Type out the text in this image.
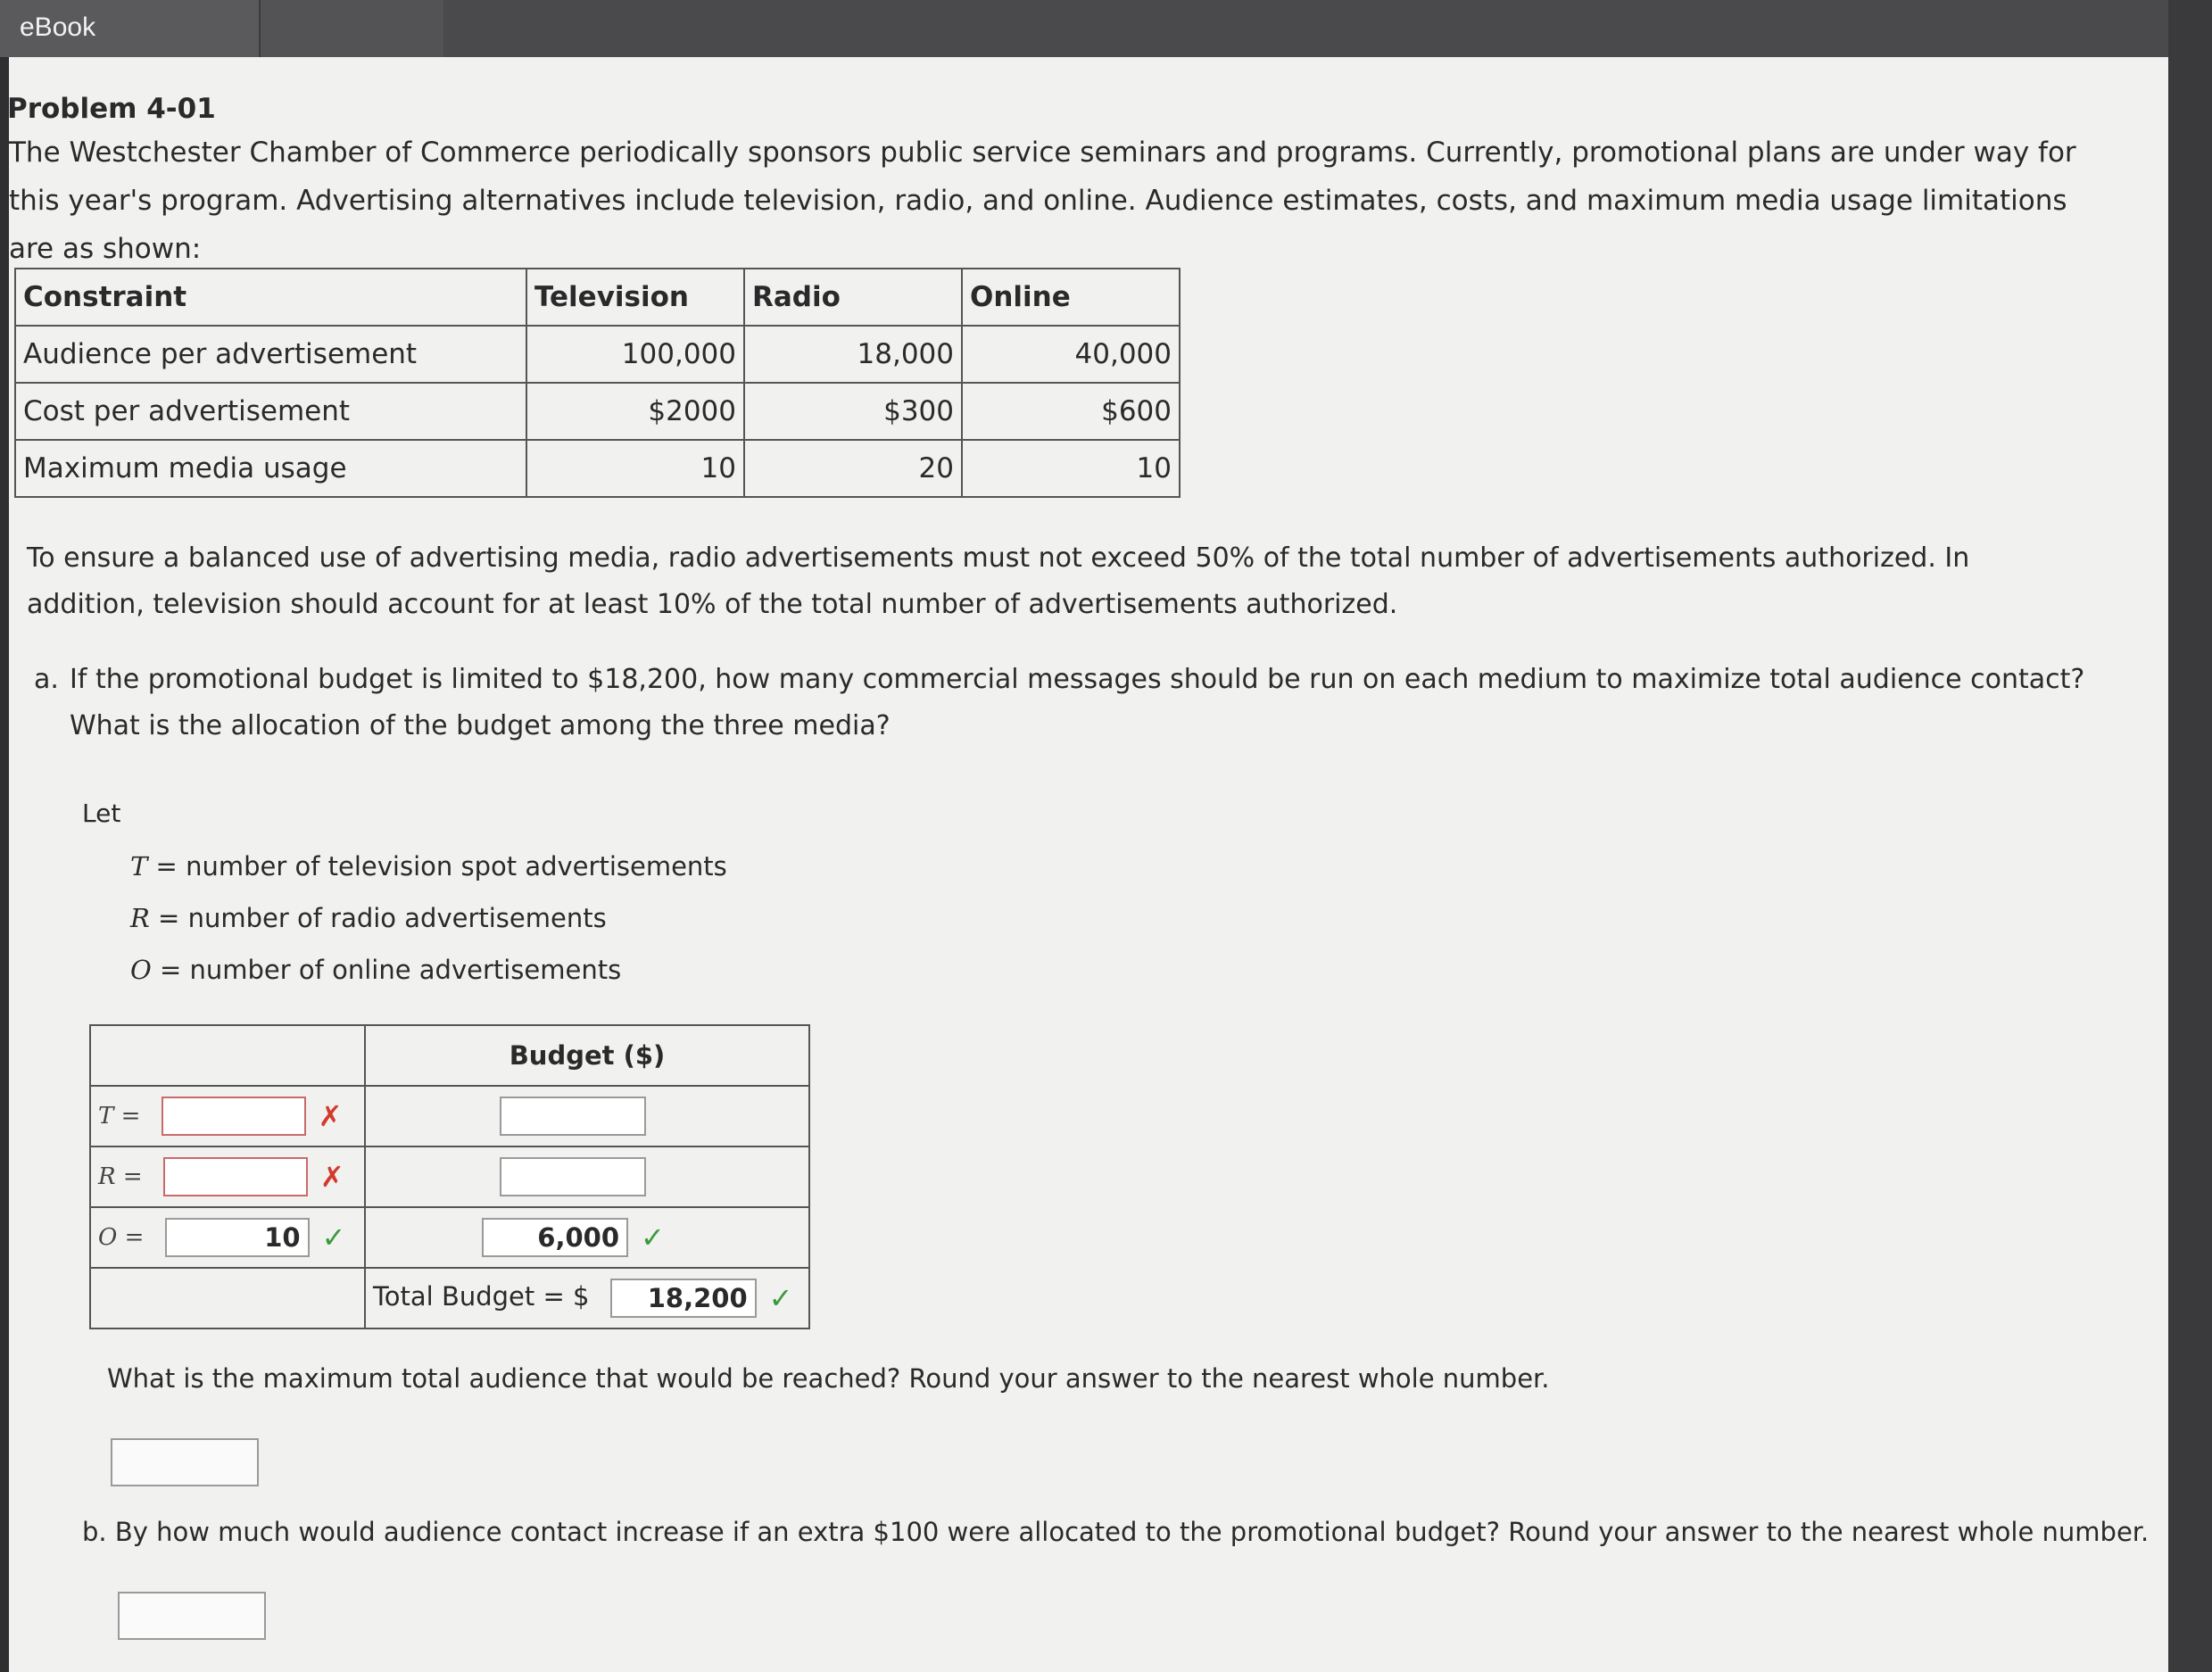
eBook
Problem 4-01
The Westchester Chamber of Commerce periodically sponsors public service seminars and programs. Currently, promotional plans are under way for this year's program. Advertising alternatives include television, radio, and online. Audience estimates, costs, and maximum media usage limitations are as shown:
Constraint	Television	Radio	Online
Audience per advertisement	100,000	18,000	40,000
Cost per advertisement	$2000	$300	$600
Maximum media usage	10	20	10
To ensure a balanced use of advertising media, radio advertisements must not exceed 50% of the total number of advertisements authorized. In addition, television should account for at least 10% of the total number of advertisements authorized.
a. If the promotional budget is limited to $18,200, how many commercial messages should be run on each medium to maximize total audience contact? What is the allocation of the budget among the three media?
Let
T = number of television spot advertisements
R = number of radio advertisements
O = number of online advertisements
	Budget ($)
T = ✗	
R = ✗	
O = 10 ✓	6,000 ✓
	Total Budget = $ 18,200 ✓
What is the maximum total audience that would be reached? Round your answer to the nearest whole number.
b. By how much would audience contact increase if an extra $100 were allocated to the promotional budget? Round your answer to the nearest whole number.
